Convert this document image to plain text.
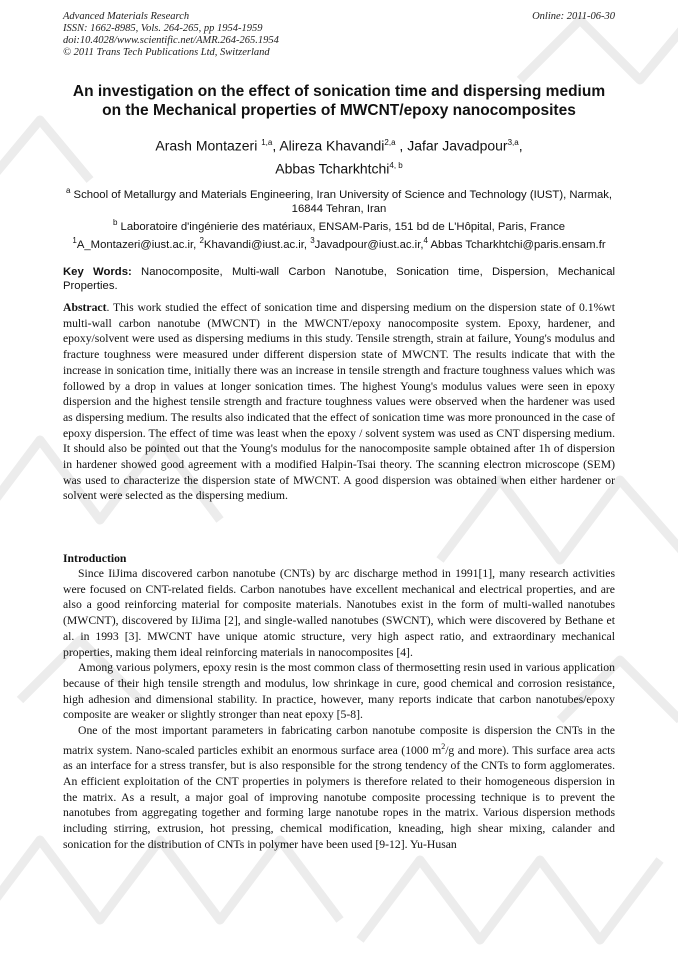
Advanced Materials Research
ISSN: 1662-8985, Vols. 264-265, pp 1954-1959
doi:10.4028/www.scientific.net/AMR.264-265.1954
© 2011 Trans Tech Publications Ltd, Switzerland
Online: 2011-06-30
An investigation on the effect of sonication time and dispersing medium
on the Mechanical properties of MWCNT/epoxy nanocomposites
Arash Montazeri $^{1,a}$, Alireza Khavandi$^{2,a}$ , Jafar Javadpour$^{3,a}$,
Abbas Tcharkhtchi$^{4, b}$
$^a$ School of Metallurgy and Materials Engineering, Iran University of Science and Technology (IUST), Narmak, 16844 Tehran, Iran
$^b$ Laboratoire d'ingénierie des matériaux, ENSAM-Paris, 151 bd de L'Hôpital, Paris, France
$^1$A_Montazeri@iust.ac.ir, $^2$Khavandi@iust.ac.ir, $^3$Javadpour@iust.ac.ir,$^4$ Abbas Tcharkhtchi@paris.ensam.fr
Key Words: Nanocomposite, Multi-wall Carbon Nanotube, Sonication time, Dispersion, Mechanical Properties.
Abstract. This work studied the effect of sonication time and dispersing medium on the dispersion state of 0.1%wt multi-wall carbon nanotube (MWCNT) in the MWCNT/epoxy nanocomposite system. Epoxy, hardener, and epoxy/solvent were used as dispersing mediums in this study. Tensile strength, strain at failure, Young's modulus and fracture toughness were measured under different dispersion state of MWCNT. The results indicate that with the increase in sonication time, initially there was an increase in tensile strength and fracture toughness values which was followed by a drop in values at longer sonication times. The highest Young's modulus values were seen in epoxy dispersion and the highest tensile strength and fracture toughness values were observed when the hardener was used as dispersing medium. The results also indicated that the effect of sonication time was more pronounced in the case of epoxy dispersion. The effect of time was least when the epoxy / solvent system was used as CNT dispersing medium. It should also be pointed out that the Young's modulus for the nanocomposite sample obtained after 1h of dispersion in hardener showed good agreement with a modified Halpin-Tsai theory. The scanning electron microscope (SEM) was used to characterize the dispersion state of MWCNT. A good dispersion was obtained when either hardener or solvent were selected as the dispersing medium.
Introduction

Since IiJima discovered carbon nanotube (CNTs) by arc discharge method in 1991[1], many research activities were focused on CNT-related fields. Carbon nanotubes have excellent mechanical and electrical properties, and are also a good reinforcing material for composite materials. Nanotubes exist in the form of multi-walled nanotubes (MWCNT), discovered by IiJima [2], and single-walled nanotubes (SWCNT), which were discovered by Bethane et al. in 1993 [3]. MWCNT have unique atomic structure, very high aspect ratio, and extraordinary mechanical properties, making them ideal reinforcing materials in nanocomposites [4].

Among various polymers, epoxy resin is the most common class of thermosetting resin used in various application because of their high tensile strength and modulus, low shrinkage in cure, good chemical and corrosion resistance, high adhesion and dimensional stability. In practice, however, many reports indicate that carbon nanotubes/epoxy composite are weaker or slightly stronger than neat epoxy [5-8].

One of the most important parameters in fabricating carbon nanotube composite is dispersion the CNTs in the matrix system. Nano-scaled particles exhibit an enormous surface area (1000 $m^2/g$ and more). This surface area acts as an interface for a stress transfer, but is also responsible for the strong tendency of the CNTs to form agglomerates. An efficient exploitation of the CNT properties in polymers is therefore related to their homogeneous dispersion in the matrix. As a result, a major goal of improving nanotube composite processing technique is to prevent the nanotubes from aggregating together and forming large nanotube ropes in the matrix. Various dispersion methods including stirring, extrusion, hot pressing, chemical modification, kneading, high shear mixing, calander and sonication for the distribution of CNTs in polymer have been used [9-12]. Yu-Husan
